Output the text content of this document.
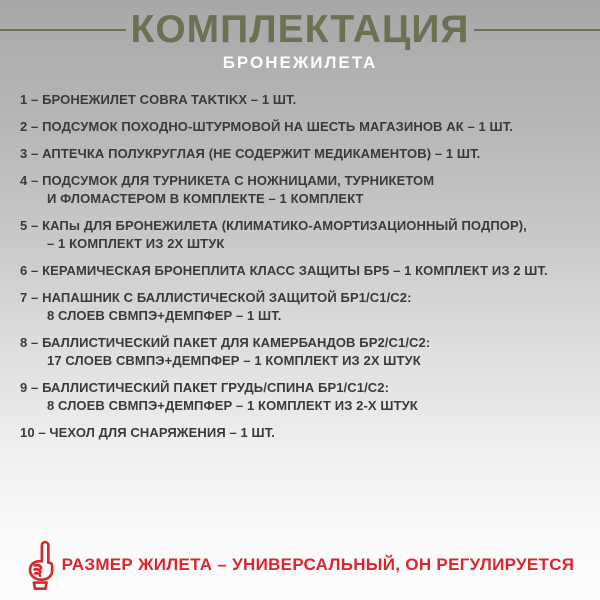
КОМПЛЕКТАЦИЯ
БРОНЕЖИЛЕТА
1 – БРОНЕЖИЛЕТ COBRA TAKTIKX – 1 ШТ.
2 – ПОДСУМОК ПОХОДНО-ШТУРМОВОЙ НА ШЕСТЬ МАГАЗИНОВ АК – 1 ШТ.
3 – АПТЕЧКА ПОЛУКРУГЛАЯ (НЕ СОДЕРЖИТ МЕДИКАМЕНТОВ) – 1 ШТ.
4 – ПОДСУМОК ДЛЯ ТУРНИКЕТА С НОЖНИЦАМИ, ТУРНИКЕТОМ
И ФЛОМАСТЕРОМ В КОМПЛЕКТЕ – 1 КОМПЛЕКТ
5 – КАПы ДЛЯ БРОНЕЖИЛЕТА (КЛИМАТИКО-АМОРТИЗАЦИОННЫЙ ПОДПОР),
– 1 КОМПЛЕКТ ИЗ 2Х ШТУК
6 – КЕРАМИЧЕСКАЯ БРОНЕПЛИТА КЛАСС ЗАЩИТЫ БР5 – 1 КОМПЛЕКТ ИЗ 2 ШТ.
7 – НАПАШНИК С БАЛЛИСТИЧЕСКОЙ ЗАЩИТОЙ БР1/С1/С2:
8 СЛОЕВ СВМПЭ+ДЕМПФЕР – 1 ШТ.
8 – БАЛЛИСТИЧЕСКИЙ ПАКЕТ ДЛЯ КАМЕРБАНДОВ БР2/С1/С2:
17 СЛОЕВ СВМПЭ+ДЕМПФЕР – 1 КОМПЛЕКТ ИЗ 2Х ШТУК
9 – БАЛЛИСТИЧЕСКИЙ ПАКЕТ ГРУДЬ/СПИНА БР1/С1/С2:
8 СЛОЕВ СВМПЭ+ДЕМПФЕР – 1 КОМПЛЕКТ ИЗ 2-Х ШТУК
10 – ЧЕХОЛ ДЛЯ СНАРЯЖЕНИЯ – 1 ШТ.
РАЗМЕР ЖИЛЕТА – УНИВЕРСАЛЬНЫЙ, ОН РЕГУЛИРУЕТСЯ
